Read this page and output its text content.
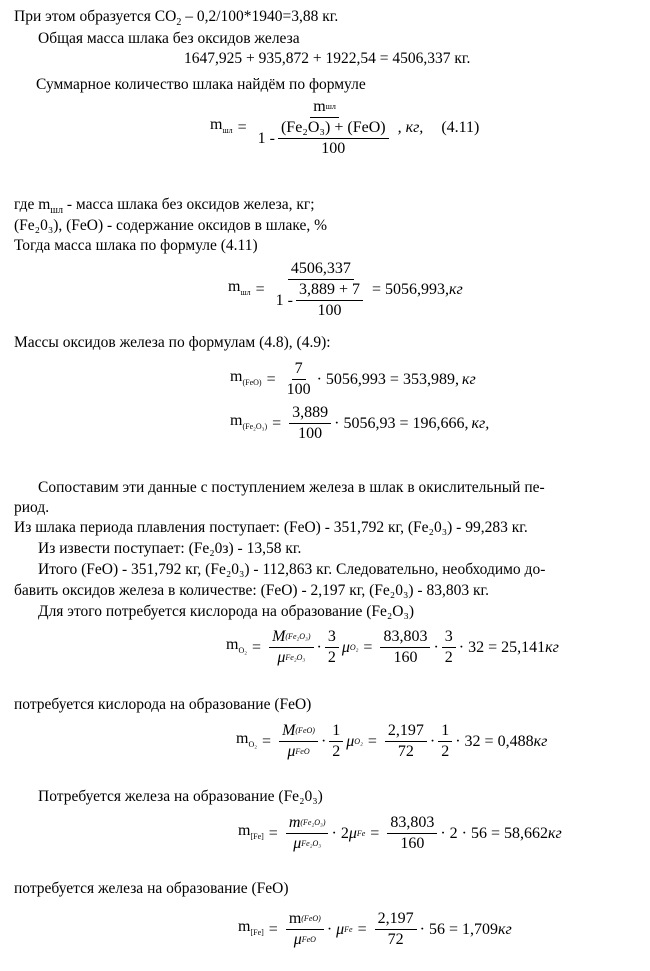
При этом образуется $CO_2 - 0,2/100*1940=3,88$ кг.
Общая масса шлака без оксидов железа
1647,925 + 935,872 + 1922,54 = 4506,337 кг.
Суммарное количество шлака найдём по формуле
$m_{шл} = \frac{\text{m шл}}{1 - \frac{\text{(Fe₂O₃) + (FeO)}}{100}}$ , кг, (4.11)
где $m_{шл}$ - масса шлака без оксидов железа, кг;
(Fe₂0₃), (FeO) - содержание оксидов в шлаке, %
Тогда масса шлака по формуле (4.11)
$m_{шл} = \frac{4506,337}{1 - \frac{3,889 + 7}{100}} = 5056,993$, кг
Массы оксидов железа по формулам (4.8), (4.9):
$m_{(FeO)} = \frac{7}{100} \cdot 5056,993 = 353,989$, кг
$m_{(Fe_2O_3)} = \frac{3,889}{100} \cdot 5056,93 = 196,666$, кг,
Сопоставим эти данные с поступлением железа в шлак в окислительный пе-
риод.
Из шлака периода плавления поступает: (FeO) - 351,792 кг, (Fe₂0₃) - 99,283 кг.
Из извести поступает: (Fe₂0з) - 13,58 кг.
Итого (FeO) - 351,792 кг, (Fe₂0₃) - 112,863 кг. Следовательно, необходимо до-
бавить оксидов железа в количестве: (FeO) - 2,197 кг, (Fe₂0₃) - 83,803 кг.
Для этого потребуется кислорода на образование (Fe₂O₃)
$m_{O_2} = \frac{\text{M (Fe₂O₃)}}{\text{μ Fe₂O₃}} \cdot \frac{3}{2}$ μ $O_2 = \frac{83,803}{160} \cdot \frac{3}{2} \cdot 32 = 25,141$ кг
потребуется кислорода на образование (FeO)
$m_{O_2} = \frac{\text{M (FeO)}}{\text{μ FeO}} \cdot \frac{1}{2}$ μ $O_2 = \frac{2,197}{72} \cdot \frac{1}{2} \cdot 32 = 0,488$ кг
Потребуется железа на образование (Fe₂0₃)
$m_{[Fe]} = \frac{\text{m (Fe₂O₃)}}{\text{μ Fe₂O₃}} \cdot 2$ μ $Fe = \frac{83,803}{160} \cdot 2 \cdot 56 = 58,662$ кг
потребуется железа на образование (FeO)
$m_{[Fe]} = \frac{\text{m (FeO)}}{\text{μ FeO}} \cdot \mu$ $Fe = \frac{2,197}{72} \cdot 56 = 1,709$ кг
